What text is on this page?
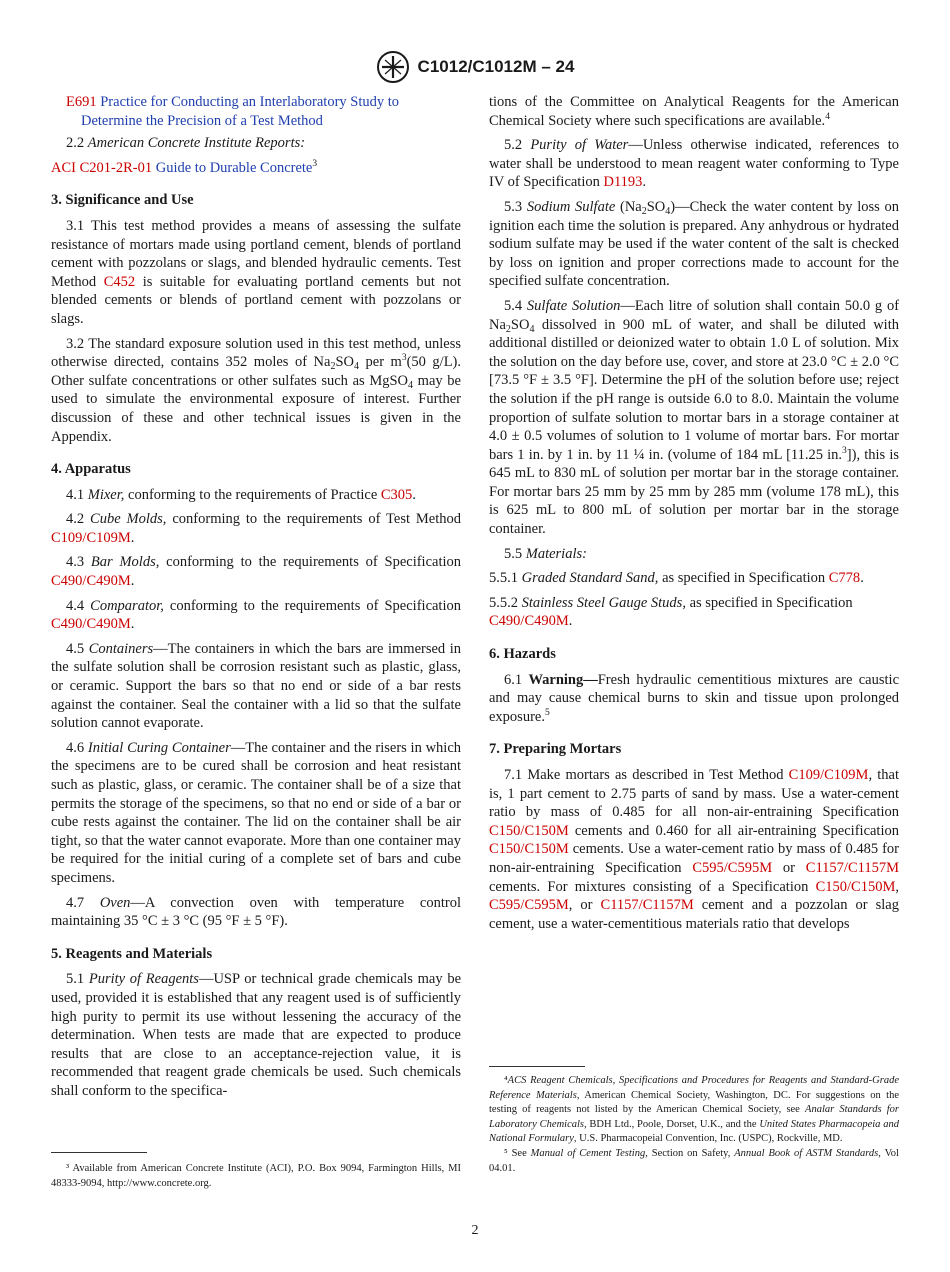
C1012/C1012M – 24

E691 Practice for Conducting an Interlaboratory Study to Determine the Precision of a Test Method

2.2 American Concrete Institute Reports:

ACI C201-2R-01 Guide to Durable Concrete$^3$

3. Significance and Use

3.1 This test method provides a means of assessing the sulfate resistance of mortars made using portland cement, blends of portland cement with pozzolans or slags, and blended hydraulic cements. Test Method C452 is suitable for evaluating portland cements but not blended cements or blends of portland cement with pozzolans or slags.

3.2 The standard exposure solution used in this test method, unless otherwise directed, contains 352 moles of $Na_2SO_4$ per $m^3(50$ g/L). Other sulfate concentrations or other sulfates such as MgSO$_4$ may be used to simulate the environmental exposure of interest. Further discussion of these and other technical issues is given in the Appendix.

4. Apparatus

4.1 Mixer, conforming to the requirements of Practice C305.

4.2 Cube Molds, conforming to the requirements of Test Method C109/C109M.

4.3 Bar Molds, conforming to the requirements of Specification C490/C490M.

4.4 Comparator, conforming to the requirements of Specification C490/C490M.

4.5 Containers—The containers in which the bars are immersed in the sulfate solution shall be corrosion resistant such as plastic, glass, or ceramic. Support the bars so that no end or side of a bar rests against the container. Seal the container with a lid so that the sulfate solution cannot evaporate.

4.6 Initial Curing Container—The container and the risers in which the specimens are to be cured shall be corrosion and heat resistant such as plastic, glass, or ceramic. The container shall be of a size that permits the storage of the specimens, so that no end or side of a bar or cube rests against the container. The lid on the container shall be air tight, so that the water cannot evaporate. More than one container may be required for the initial curing of a complete set of bars and cube specimens.

4.7 Oven—A convection oven with temperature control maintaining 35 °C ± 3 °C (95 °F ± 5 °F).

5. Reagents and Materials

5.1 Purity of Reagents—USP or technical grade chemicals may be used, provided it is established that any reagent used is of sufficiently high purity to permit its use without lessening the accuracy of the determination. When tests are made that are expected to produce results that are close to an acceptance-rejection value, it is recommended that reagent grade chemicals be used. Such chemicals shall conform to the specifica-

³ Available from American Concrete Institute (ACI), P.O. Box 9094, Farmington Hills, MI 48333-9094, http://www.concrete.org.

tions of the Committee on Analytical Reagents for the American Chemical Society where such specifications are available.$^4$

5.2 Purity of Water—Unless otherwise indicated, references to water shall be understood to mean reagent water conforming to Type IV of Specification D1193.

5.3 Sodium Sulfate $(Na_2SO_4)—Check$ the water content by loss on ignition each time the solution is prepared. Any anhydrous or hydrated sodium sulfate may be used if the water content of the salt is checked by loss on ignition and proper corrections made to account for the specified sulfate concentration.

5.4 Sulfate Solution—Each litre of solution shall contain 50.0 g of $Na_2SO_4$ dissolved in 900 mL of water, and shall be diluted with additional distilled or deionized water to obtain 1.0 L of solution. Mix the solution on the day before use, cover, and store at 23.0 °C ± 2.0 °C [73.5 °F ± 3.5 °F]. Determine the pH of the solution before use; reject the solution if the pH range is outside 6.0 to 8.0. Maintain the volume proportion of sulfate solution to mortar bars in a storage container at 4.0 ± 0.5 volumes of solution to 1 volume of mortar bars. For mortar bars 1 in. by 1 in. by 11 ¼ in. (volume of 184 mL [11.25 in.$^3$]), this is 645 mL to 830 mL of solution per mortar bar in the storage container. For mortar bars 25 mm by 25 mm by 285 mm (volume 178 mL), this is 625 mL to 800 mL of solution per mortar bar in the storage container.

5.5 Materials:

5.5.1 Graded Standard Sand, as specified in Specification C778.

5.5.2 Stainless Steel Gauge Studs, as specified in Specification C490/C490M.

6. Hazards

6.1 Warning—Fresh hydraulic cementitious mixtures are caustic and may cause chemical burns to skin and tissue upon prolonged exposure.$^5$

7. Preparing Mortars

7.1 Make mortars as described in Test Method C109/C109M, that is, 1 part cement to 2.75 parts of sand by mass. Use a water-cement ratio by mass of 0.485 for all non-air-entraining Specification C150/C150M cements and 0.460 for all air-entraining Specification C150/C150M cements. Use a water-cement ratio by mass of 0.485 for non-air-entraining Specification C595/C595M or C1157/C1157M cements. For mixtures consisting of a Specification C150/C150M, C595/C595M, or C1157/C1157M cement and a pozzolan or slag cement, use a water-cementitious materials ratio that develops

⁴ACS Reagent Chemicals, Specifications and Procedures for Reagents and Standard-Grade Reference Materials, American Chemical Society, Washington, DC. For suggestions on the testing of reagents not listed by the American Chemical Society, see Analar Standards for Laboratory Chemicals, BDH Ltd., Poole, Dorset, U.K., and the United States Pharmacopeia and National Formulary, U.S. Pharmacopeial Convention, Inc. (USPC), Rockville, MD.

⁵ See Manual of Cement Testing, Section on Safety, Annual Book of ASTM Standards, Vol 04.01.

2
